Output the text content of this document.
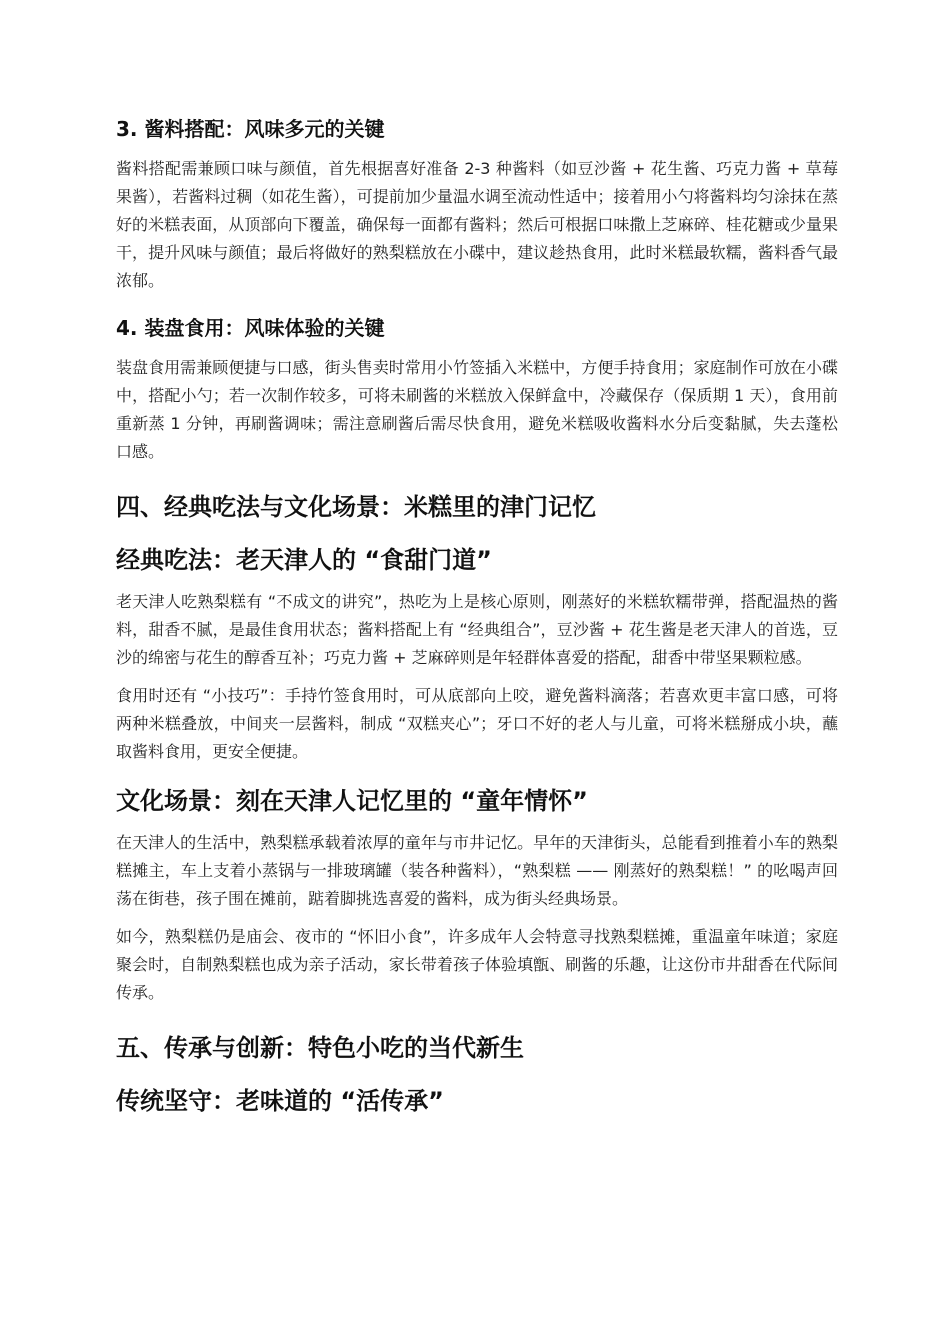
3. 酱料搭配：风味多元的关键
酱料搭配需兼顾口味与颜值，首先根据喜好准备 2-3 种酱料（如豆沙酱 + 花生酱、巧克力酱 + 草莓果酱），若酱料过稠（如花生酱），可提前加少量温水调至流动性适中；接着用小勺将酱料均匀涂抹在蒸好的米糕表面，从顶部向下覆盖，确保每一面都有酱料；然后可根据口味撒上芝麻碎、桂花糖或少量果干，提升风味与颜值；最后将做好的熟梨糕放在小碟中，建议趁热食用，此时米糕最软糯，酱料香气最浓郁。
4. 装盘食用：风味体验的关键
装盘食用需兼顾便捷与口感，街头售卖时常用小竹签插入米糕中，方便手持食用；家庭制作可放在小碟中，搭配小勺；若一次制作较多，可将未刷酱的米糕放入保鲜盒中，冷藏保存（保质期 1 天），食用前重新蒸 1 分钟，再刷酱调味；需注意刷酱后需尽快食用，避免米糕吸收酱料水分后变黏腻，失去蓬松口感。
四、经典吃法与文化场景：米糕里的津门记忆
经典吃法：老天津人的 “食甜门道”
老天津人吃熟梨糕有 “不成文的讲究”，热吃为上是核心原则，刚蒸好的米糕软糯带弹，搭配温热的酱料，甜香不腻，是最佳食用状态；酱料搭配上有 “经典组合”，豆沙酱 + 花生酱是老天津人的首选，豆沙的绵密与花生的醇香互补；巧克力酱 + 芝麻碎则是年轻群体喜爱的搭配，甜香中带坚果颗粒感。
食用时还有 “小技巧”：手持竹签食用时，可从底部向上咬，避免酱料滴落；若喜欢更丰富口感，可将两种米糕叠放，中间夹一层酱料，制成 “双糕夹心”；牙口不好的老人与儿童，可将米糕掰成小块，蘸取酱料食用，更安全便捷。
文化场景：刻在天津人记忆里的 “童年情怀”
在天津人的生活中，熟梨糕承载着浓厚的童年与市井记忆。早年的天津街头，总能看到推着小车的熟梨糕摊主，车上支着小蒸锅与一排玻璃罐（装各种酱料），“熟梨糕 —— 刚蒸好的熟梨糕！” 的吆喝声回荡在街巷，孩子围在摊前，踮着脚挑选喜爱的酱料，成为街头经典场景。
如今，熟梨糕仍是庙会、夜市的 “怀旧小食”，许多成年人会特意寻找熟梨糕摊，重温童年味道；家庭聚会时，自制熟梨糕也成为亲子活动，家长带着孩子体验填甑、刷酱的乐趣，让这份市井甜香在代际间传承。
五、传承与创新：特色小吃的当代新生
传统坚守：老味道的 “活传承”
